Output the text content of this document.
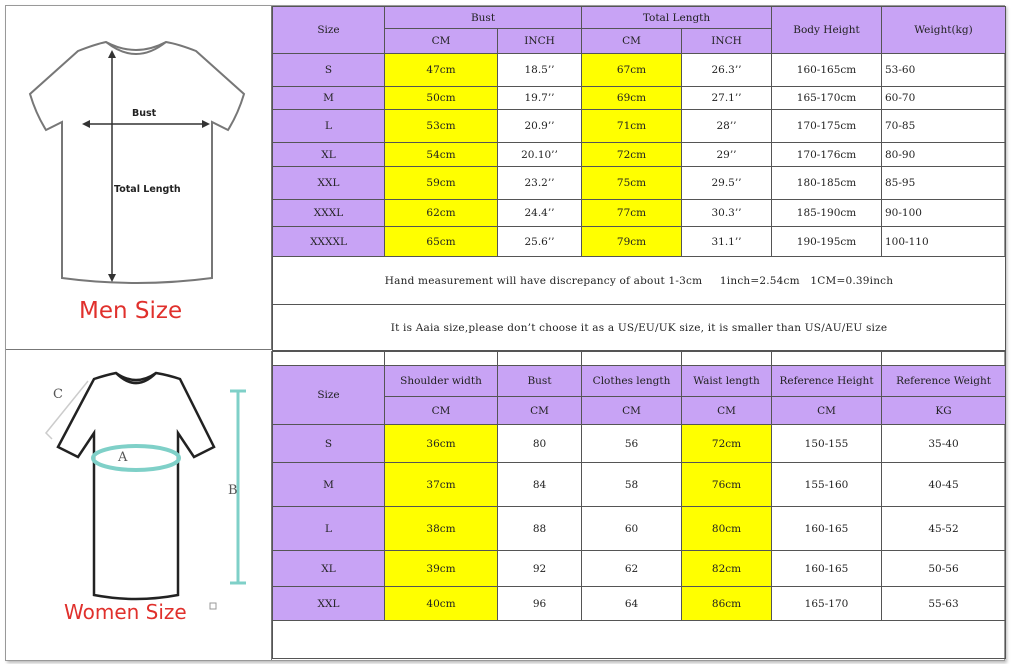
Bust
Total Length
Men Size
A
B
C
Women Size
Size	Bust		Total Length		Body Height	Weight(kg)
	CM	INCH	CM	INCH		
S	47cm	18.5’’	67cm	26.3’’	160-165cm	53-60
M	50cm	19.7’’	69cm	27.1’’	165-170cm	60-70
L	53cm	20.9’’	71cm	28’’	170-175cm	70-85
XL	54cm	20.10’’	72cm	29’’	170-176cm	80-90
XXL	59cm	23.2’’	75cm	29.5’’	180-185cm	85-95
XXXL	62cm	24.4’’	77cm	30.3’’	185-190cm	90-100
XXXXL	65cm	25.6’’	79cm	31.1’’	190-195cm	100-110
Hand measurement will have discrepancy of about 1-3cm     1inch=2.54cm   1CM=0.39inch						
It is Aaia size,please don’t choose it as a US/EU/UK size, it is smaller than US/AU/EU size						

Size	Shoulder width	Bust	Clothes length	Waist length	Reference Height	Reference Weight
	CM	CM	CM	CM	CM	KG
S	36cm	80	56	72cm	150-155	35-40
M	37cm	84	58	76cm	155-160	40-45
L	38cm	88	60	80cm	160-165	45-52
XL	39cm	92	62	82cm	160-165	50-56
XXL	40cm	96	64	86cm	165-170	55-63
